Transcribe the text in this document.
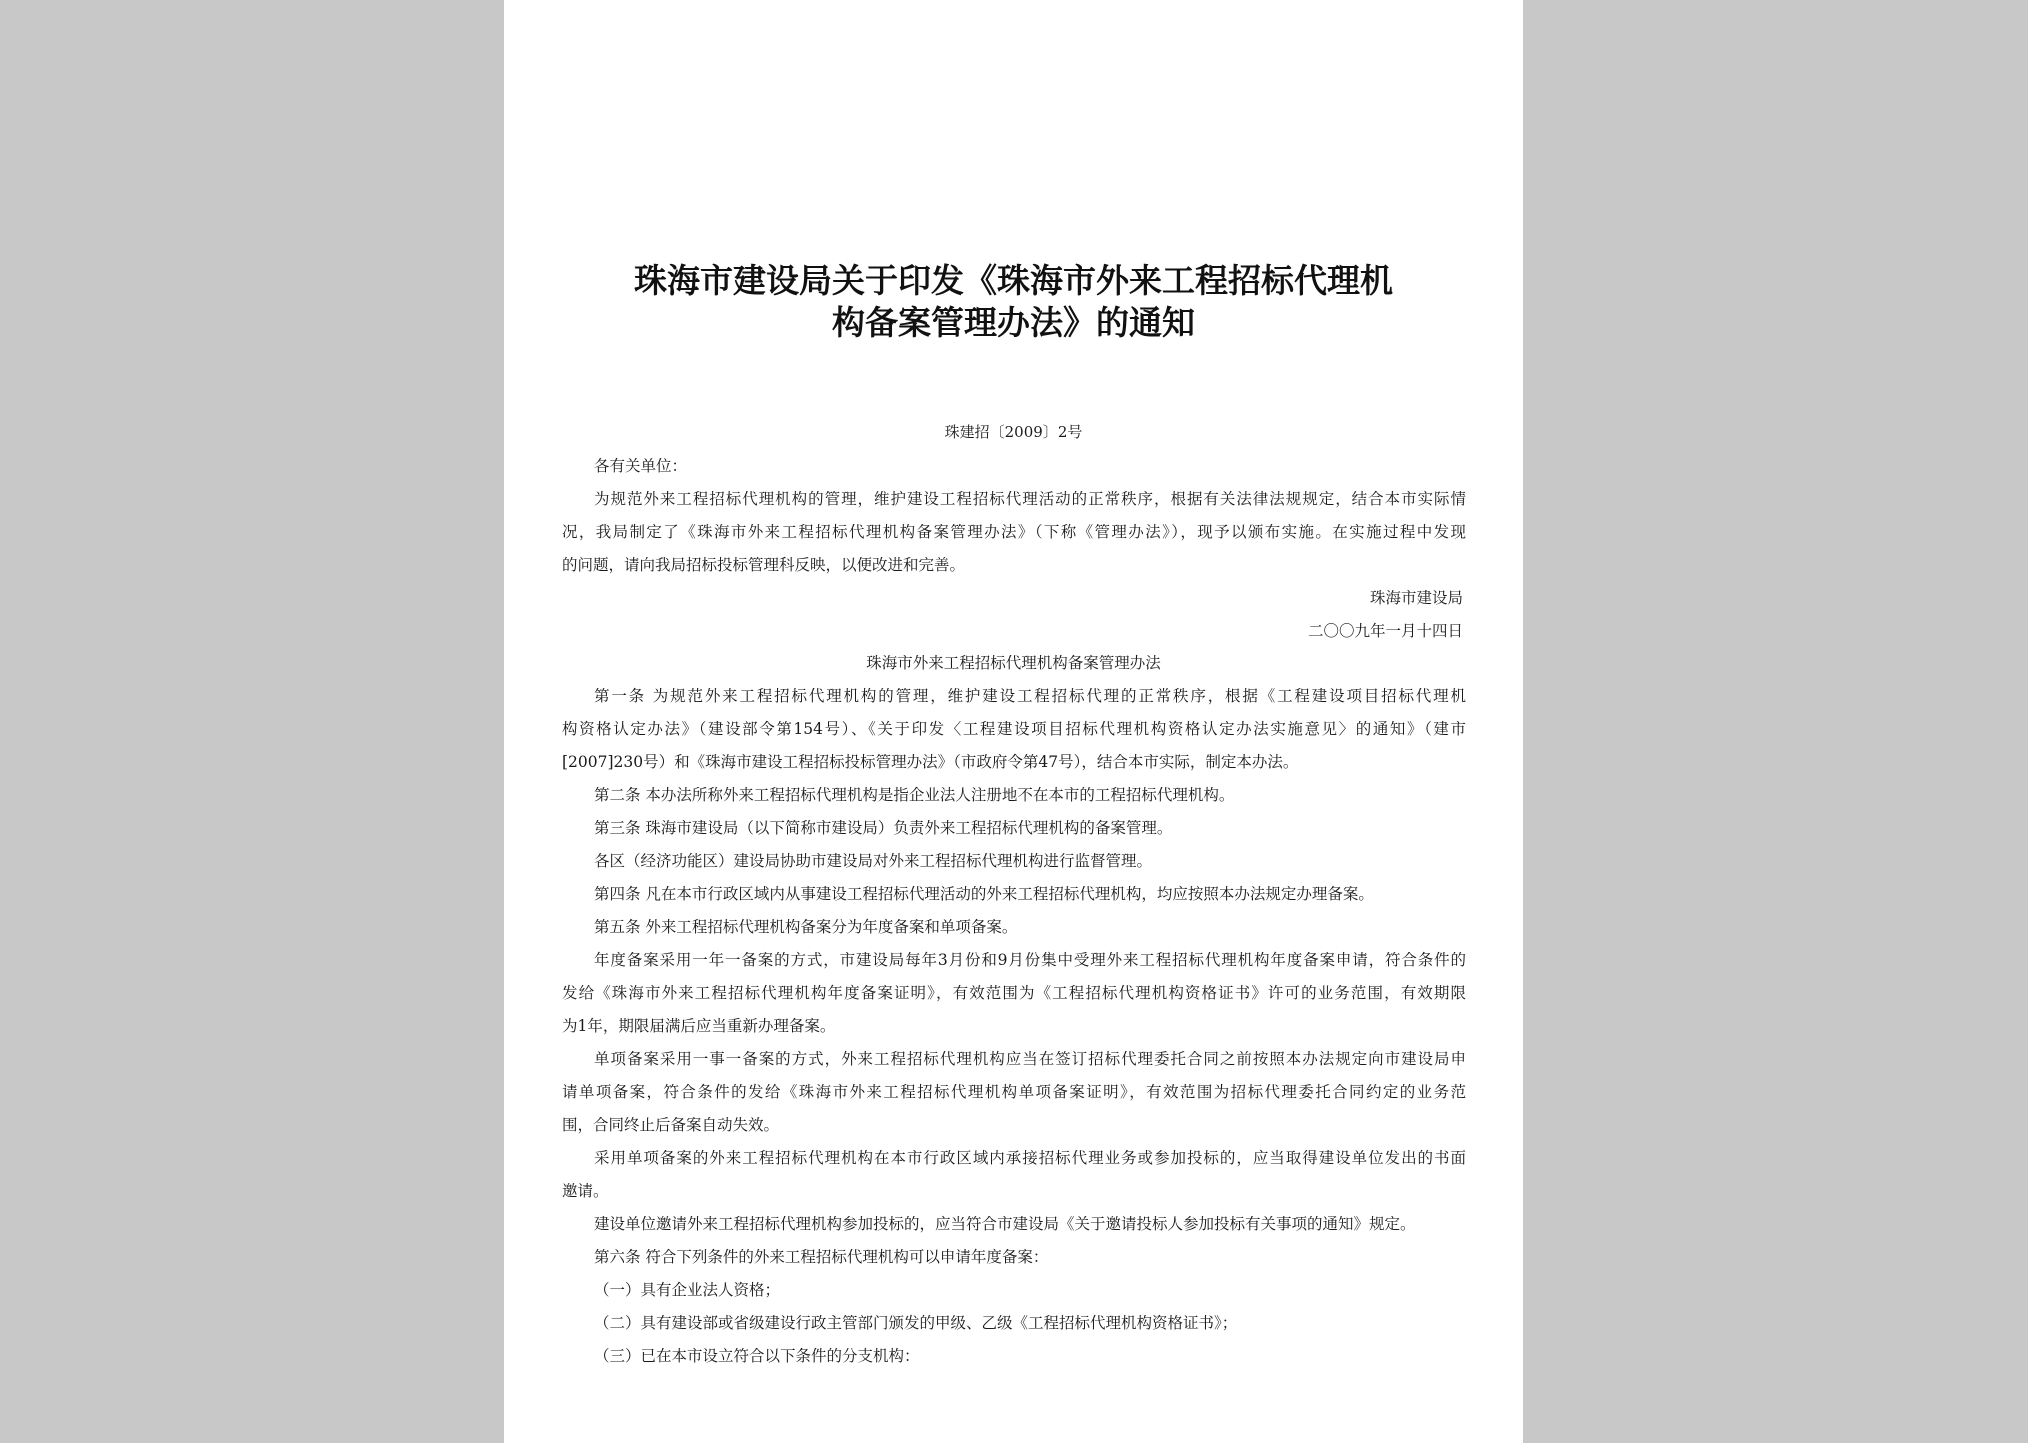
珠海市建设局关于印发《珠海市外来工程招标代理机
构备案管理办法》的通知
珠建招〔2009〕2号
各有关单位：
为规范外来工程招标代理机构的管理，维护建设工程招标代理活动的正常秩序，根据有关法律法规规定，结合本市实际情
况，我局制定了《珠海市外来工程招标代理机构备案管理办法》（下称《管理办法》），现予以颁布实施。在实施过程中发现
的问题，请向我局招标投标管理科反映，以便改进和完善。
珠海市建设局
二〇〇九年一月十四日
珠海市外来工程招标代理机构备案管理办法
第一条 为规范外来工程招标代理机构的管理，维护建设工程招标代理的正常秩序，根据《工程建设项目招标代理机
构资格认定办法》（建设部令第154号）、《关于印发〈工程建设项目招标代理机构资格认定办法实施意见〉的通知》（建市
[2007]230号）和《珠海市建设工程招标投标管理办法》（市政府令第47号），结合本市实际，制定本办法。
第二条 本办法所称外来工程招标代理机构是指企业法人注册地不在本市的工程招标代理机构。
第三条 珠海市建设局（以下简称市建设局）负责外来工程招标代理机构的备案管理。
各区（经济功能区）建设局协助市建设局对外来工程招标代理机构进行监督管理。
第四条 凡在本市行政区域内从事建设工程招标代理活动的外来工程招标代理机构，均应按照本办法规定办理备案。
第五条 外来工程招标代理机构备案分为年度备案和单项备案。
年度备案采用一年一备案的方式，市建设局每年3月份和9月份集中受理外来工程招标代理机构年度备案申请，符合条件的
发给《珠海市外来工程招标代理机构年度备案证明》，有效范围为《工程招标代理机构资格证书》许可的业务范围，有效期限
为1年，期限届满后应当重新办理备案。
单项备案采用一事一备案的方式，外来工程招标代理机构应当在签订招标代理委托合同之前按照本办法规定向市建设局申
请单项备案，符合条件的发给《珠海市外来工程招标代理机构单项备案证明》，有效范围为招标代理委托合同约定的业务范
围，合同终止后备案自动失效。
采用单项备案的外来工程招标代理机构在本市行政区域内承接招标代理业务或参加投标的，应当取得建设单位发出的书面
邀请。
建设单位邀请外来工程招标代理机构参加投标的，应当符合市建设局《关于邀请投标人参加投标有关事项的通知》规定。
第六条 符合下列条件的外来工程招标代理机构可以申请年度备案：
（一）具有企业法人资格；
（二）具有建设部或省级建设行政主管部门颁发的甲级、乙级《工程招标代理机构资格证书》；
（三）已在本市设立符合以下条件的分支机构：
